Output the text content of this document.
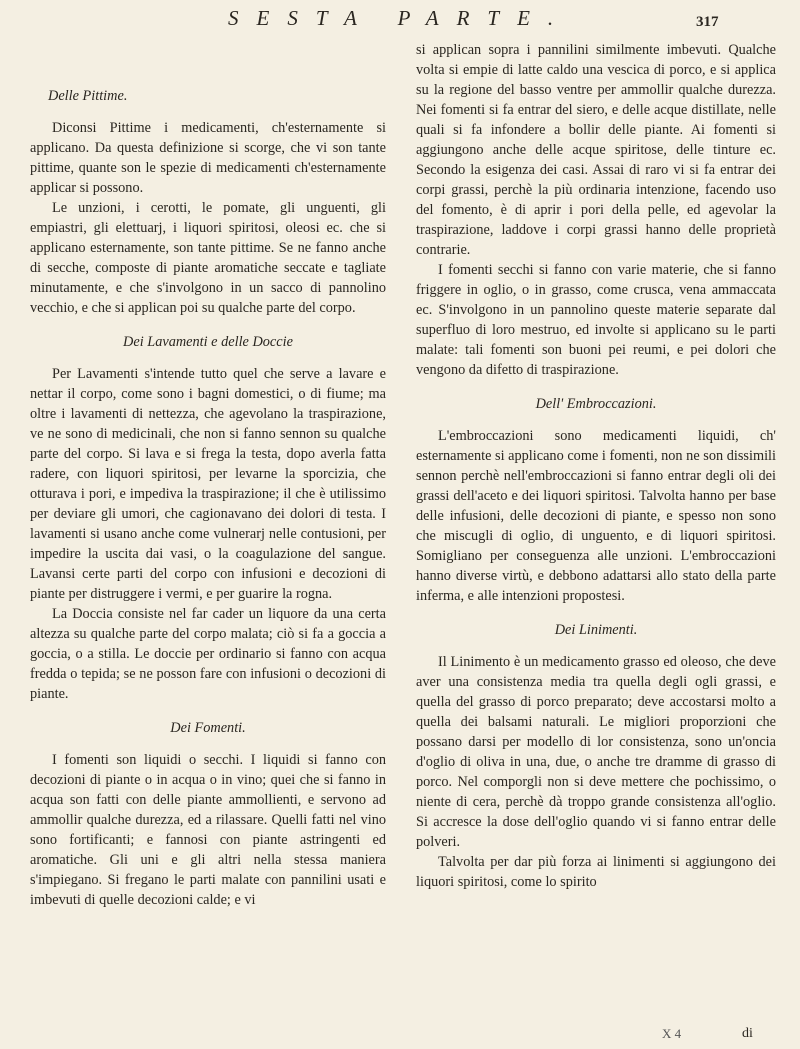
SESTA PARTE.	317
Delle Pittime.

Diconsi Pittime i medicamenti, ch'esternamente si applicano. Da questa definizione si scorge, che vi son tante pittime, quante son le spezie di medicamenti ch'esternamente applicar si possono.

Le unzioni, i cerotti, le pomate, gli unguenti, gli empiastri, gli elettuarj, i liquori spiritosi, oleosi ec. che si applicano esternamente, son tante pittime. Se ne fanno anche di secche, composte di piante aromatiche seccate e tagliate minutamente, e che s'involgono in un sacco di pannolino vecchio, e che si applican poi su qualche parte del corpo.

Dei Lavamenti e delle Doccie

Per Lavamenti s'intende tutto quel che serve a lavare e nettar il corpo, come sono i bagni domestici, o di fiume; ma oltre i lavamenti di nettezza, che agevolano la traspirazione, ve ne sono di medicinali, che non si fanno sennon su qualche parte del corpo. Si lava e si frega la testa, dopo averla fatta radere, con liquori spiritosi, per levarne la sporcizia, che otturava i pori, e impediva la traspirazione; il che è utilissimo per deviare gli umori, che cagionavano dei dolori di testa. I lavamenti si usano anche come vulnerarj nelle contusioni, per impedire la uscita dai vasi, o la coagulazione del sangue. Lavansi certe parti del corpo con infusioni e decozioni di piante per distruggere i vermi, e per guarire la rogna.

La Doccia consiste nel far cader un liquore da una certa altezza su qualche parte del corpo malata; ciò si fa a goccia a goccia, o a stilla. Le doccie per ordinario si fanno con acqua fredda o tepida; se ne posson fare con infusioni o decozioni di piante.

Dei Fomenti.

I fomenti son liquidi o secchi. I liquidi si fanno con decozioni di piante o in acqua o in vino; quei che si fanno in acqua son fatti con delle piante ammollienti, e servono ad ammollir qualche durezza, ed a rilassare. Quelli fatti nel vino sono fortificanti; e fannosi con piante astringenti ed aromatiche. Gli uni e gli altri nella stessa maniera s'impiegano. Si fregano le parti malate con pannilini usati e imbevuti di quelle decozioni calde; e vi

si applican sopra i pannilini similmente imbevuti. Qualche volta si empie di latte caldo una vescica di porco, e si applica su la regione del basso ventre per ammollir qualche durezza. Nei fomenti si fa entrar del siero, e delle acque distillate, nelle quali si fa infondere a bollir delle piante. Ai fomenti si aggiungono anche delle acque spiritose, delle tinture ec. Secondo la esigenza dei casi. Assai di raro vi si fa entrar dei corpi grassi, perchè la più ordinaria intenzione, facendo uso del fomento, è di aprir i pori della pelle, ed agevolar la traspirazione, laddove i corpi grassi hanno delle proprietà contrarie.

I fomenti secchi si fanno con varie materie, che si fanno friggere in oglio, o in grasso, come crusca, vena ammaccata ec. S'involgono in un pannolino queste materie separate dal superfluo di loro mestruo, ed involte si applicano su le parti malate: tali fomenti son buoni pei reumi, e pei dolori che vengono da difetto di traspirazione.

Dell' Embroccazioni.

L'embroccazioni sono medicamenti liquidi, ch' esternamente si applicano come i fomenti, non ne son dissimili sennon perchè nell'embroccazioni si fanno entrar degli oli dei grassi dell'aceto e dei liquori spiritosi. Talvolta hanno per base delle infusioni, delle decozioni di piante, e spesso non sono che miscugli di oglio, di unguento, e di liquori spiritosi. Somigliano per conseguenza alle unzioni. L'embroccazioni hanno diverse virtù, e debbono adattarsi allo stato della parte inferma, e alle intenzioni propostesi.

Dei Linimenti.

Il Linimento è un medicamento grasso ed oleoso, che deve aver una consistenza media tra quella degli ogli grassi, e quella del grasso di porco preparato; deve accostarsi molto a quella dei balsami naturali. Le migliori proporzioni che possano darsi per modello di lor consistenza, sono un'oncia d'oglio di oliva in una, due, o anche tre dramme di grasso di porco. Nel comporgli non si deve mettere che pochissimo, o niente di cera, perchè dà troppo grande consistenza all'oglio. Si accresce la dose dell'oglio quando vi si fanno entrar delle polveri.

Talvolta per dar più forza ai linimenti si aggiungono dei liquori spiritosi, come lo spirito

X 4	di
